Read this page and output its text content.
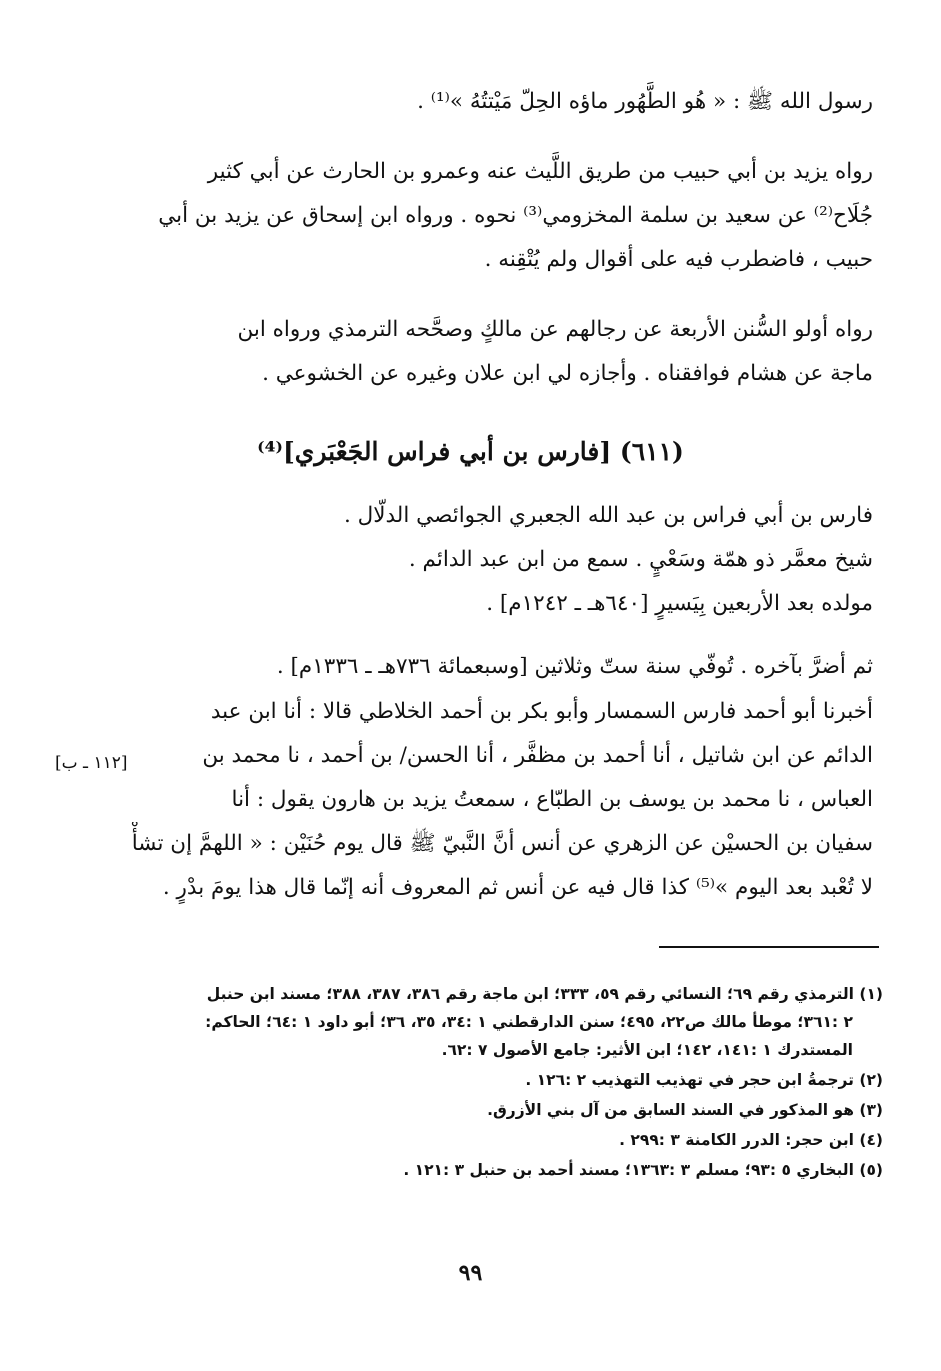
رسول الله ﷺ : « هُو الطَّهُور ماؤه الحِلّ مَيْتتُهُ »⁽¹⁾ .
رواه يزيد بن أبي حبيب من طريق اللَّيث عنه وعمرو بن الحارث عن أبي كثير
جُلَاح⁽²⁾ عن سعيد بن سلمة المخزومي⁽³⁾ نحوه . ورواه ابن إسحاق عن يزيد بن أبي
حبيب ، فاضطرب فيه على أقوال ولم يُتْقِنه .
رواه أولو السُّنن الأربعة عن رجالهم عن مالكٍ وصحَّحه الترمذي ورواه ابن
ماجة عن هشام فوافقناه . وأجازه لي ابن علان وغيره عن الخشوعي .
(٦١١) [فارس بن أبي فراس الجَعْبَري]⁽⁴⁾
فارس بن أبي فراس بن عبد الله الجعبري الجوائصي الدلّال .
شيخ معمَّر ذو همّة وسَعْيٍ . سمع من ابن عبد الدائم .
مولده بعد الأربعين بِيَسيرٍ [٦٤٠هـ ـ ١٢٤٢م] .
ثم أضرَّ بآخره . تُوفّي سنة ستّ وثلاثين [وسبعمائة ٧٣٦هـ ـ ١٣٣٦م] .
أخبرنا أبو أحمد فارس السمسار وأبو بكر بن أحمد الخلاطي قالا : أنا ابن عبد
الدائم عن ابن شاتيل ، أنا أحمد بن مظفَّر ، أنا الحسن/ بن أحمد ، نا محمد بن
العباس ، نا محمد بن يوسف بن الطبّاع ، سمعتُ يزيد بن هارون يقول : أنا
سفيان بن الحسيْن عن الزهري عن أنس أنَّ النَّبيّ ﷺ قال يوم حُنَيْن : « اللهمَّ إن تشأْ
لا تُعْبد بعد اليوم »⁽⁵⁾ كذا قال فيه عن أنس ثم المعروف أنه إنّما قال هذا يومَ بدْرٍ .
[١١٢ ـ ب]
(١) الترمذي رقم ٦٩؛ النسائي رقم ٥٩، ٣٣٣؛ ابن ماجة رقم ٣٨٦، ٣٨٧، ٣٨٨؛ مسند ابن حنبل
٢ :٣٦١؛ موطأ مالك ص٢٢، ٤٩٥؛ سنن الدارقطني ١ :٣٤، ٣٥، ٣٦؛ أبو داود ١ :٦٤؛ الحاكم:
المستدرك ١ :١٤١، ١٤٢؛ ابن الأثير: جامع الأصول ٧ :٦٢.
(٢) ترجمةُ ابن حجر في تهذيب التهذيب ٢ :١٢٦ .
(٣) هو المذكور في السند السابق من آل بني الأزرق.
(٤) ابن حجر: الدرر الكامنة ٣ :٢٩٩ .
(٥) البخاري ٥ :٩٣؛ مسلم ٣ :١٣٦٣؛ مسند أحمد بن حنبل ٣ :١٢١ .
٩٩
